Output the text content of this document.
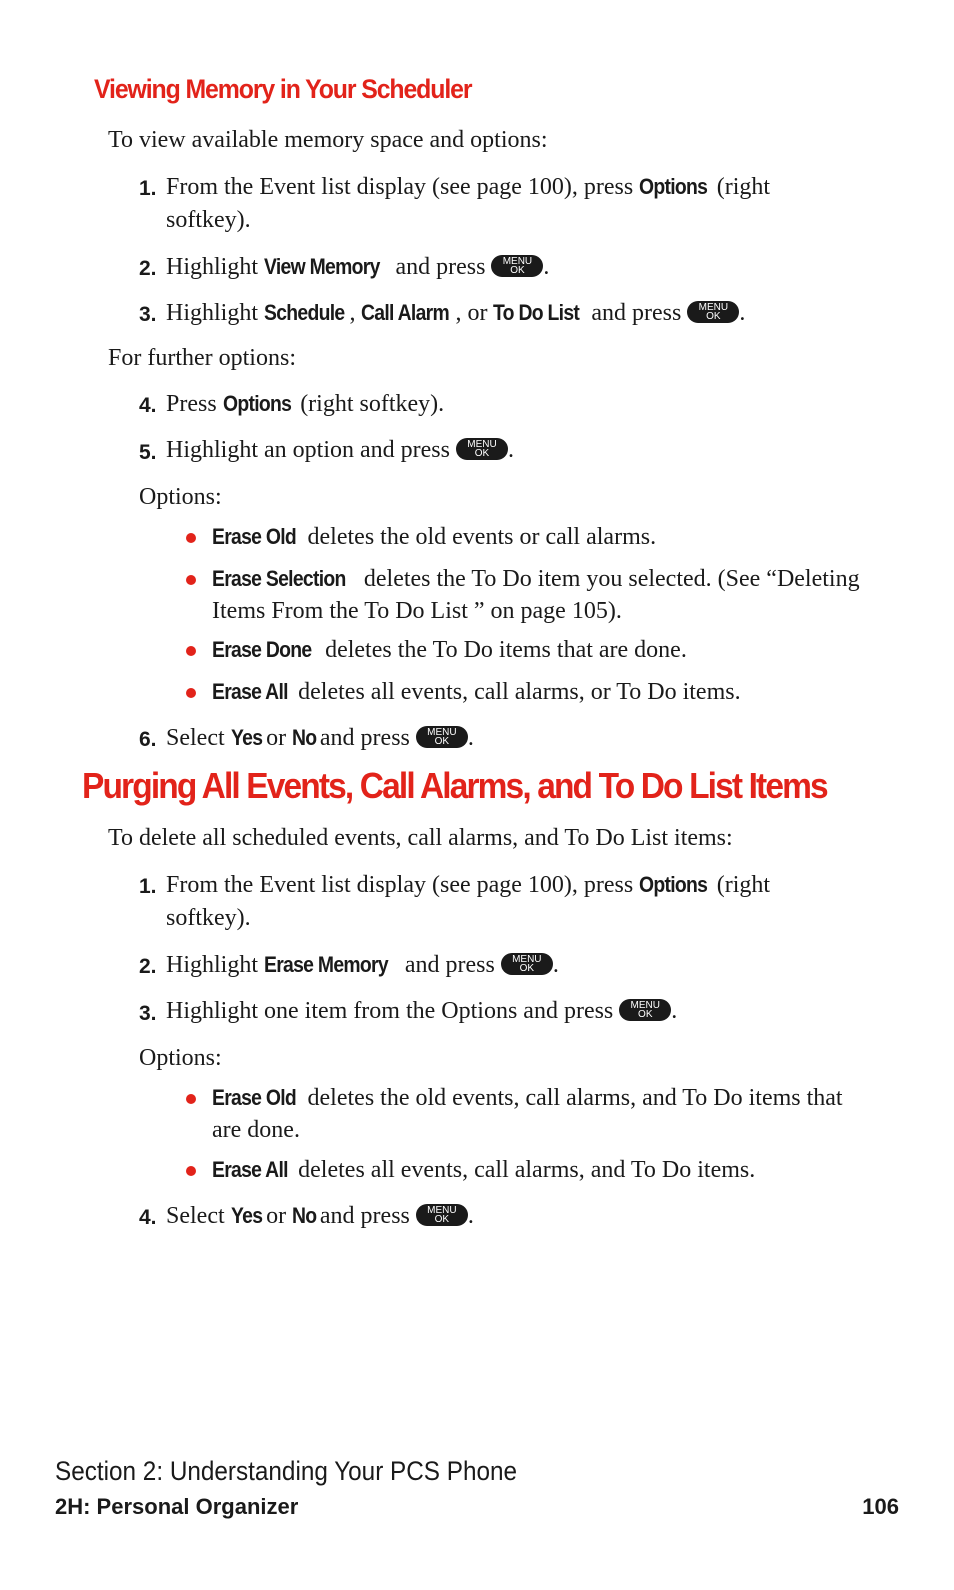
Viewing Memory in Your Scheduler
To view available memory space and options:
1. From the Event list display (see page 100), press Options (right softkey).
2. Highlight View Memory and press	MENU
OK .
3. Highlight Schedule , Call Alarm , or To Do List and press	MENU
OK .
For further options:
4. Press Options (right softkey).
5. Highlight an option and press	MENU
OK .
Options:
Erase Old deletes the old events or call alarms.
Erase Selection deletes the To Do item you selected. (See “Deleting Items From the To Do List ” on page 105).
Erase Done deletes the To Do items that are done.
Erase All deletes all events, call alarms, or To Do items.
6. Select Yes or No and press	MENU
OK .
Purging All Events, Call Alarms, and To Do List Items
To delete all scheduled events, call alarms, and To Do List items:
1. From the Event list display (see page 100), press Options (right softkey).
2. Highlight Erase Memory and press	MENU
OK .
3. Highlight one item from the Options and press	MENU
OK .
Options:
Erase Old deletes the old events, call alarms, and To Do items that are done.
Erase All deletes all events, call alarms, and To Do items.
4. Select Yes or No and press	MENU
OK .
Section 2: Understanding Your PCS Phone
2H: Personal Organizer	106
